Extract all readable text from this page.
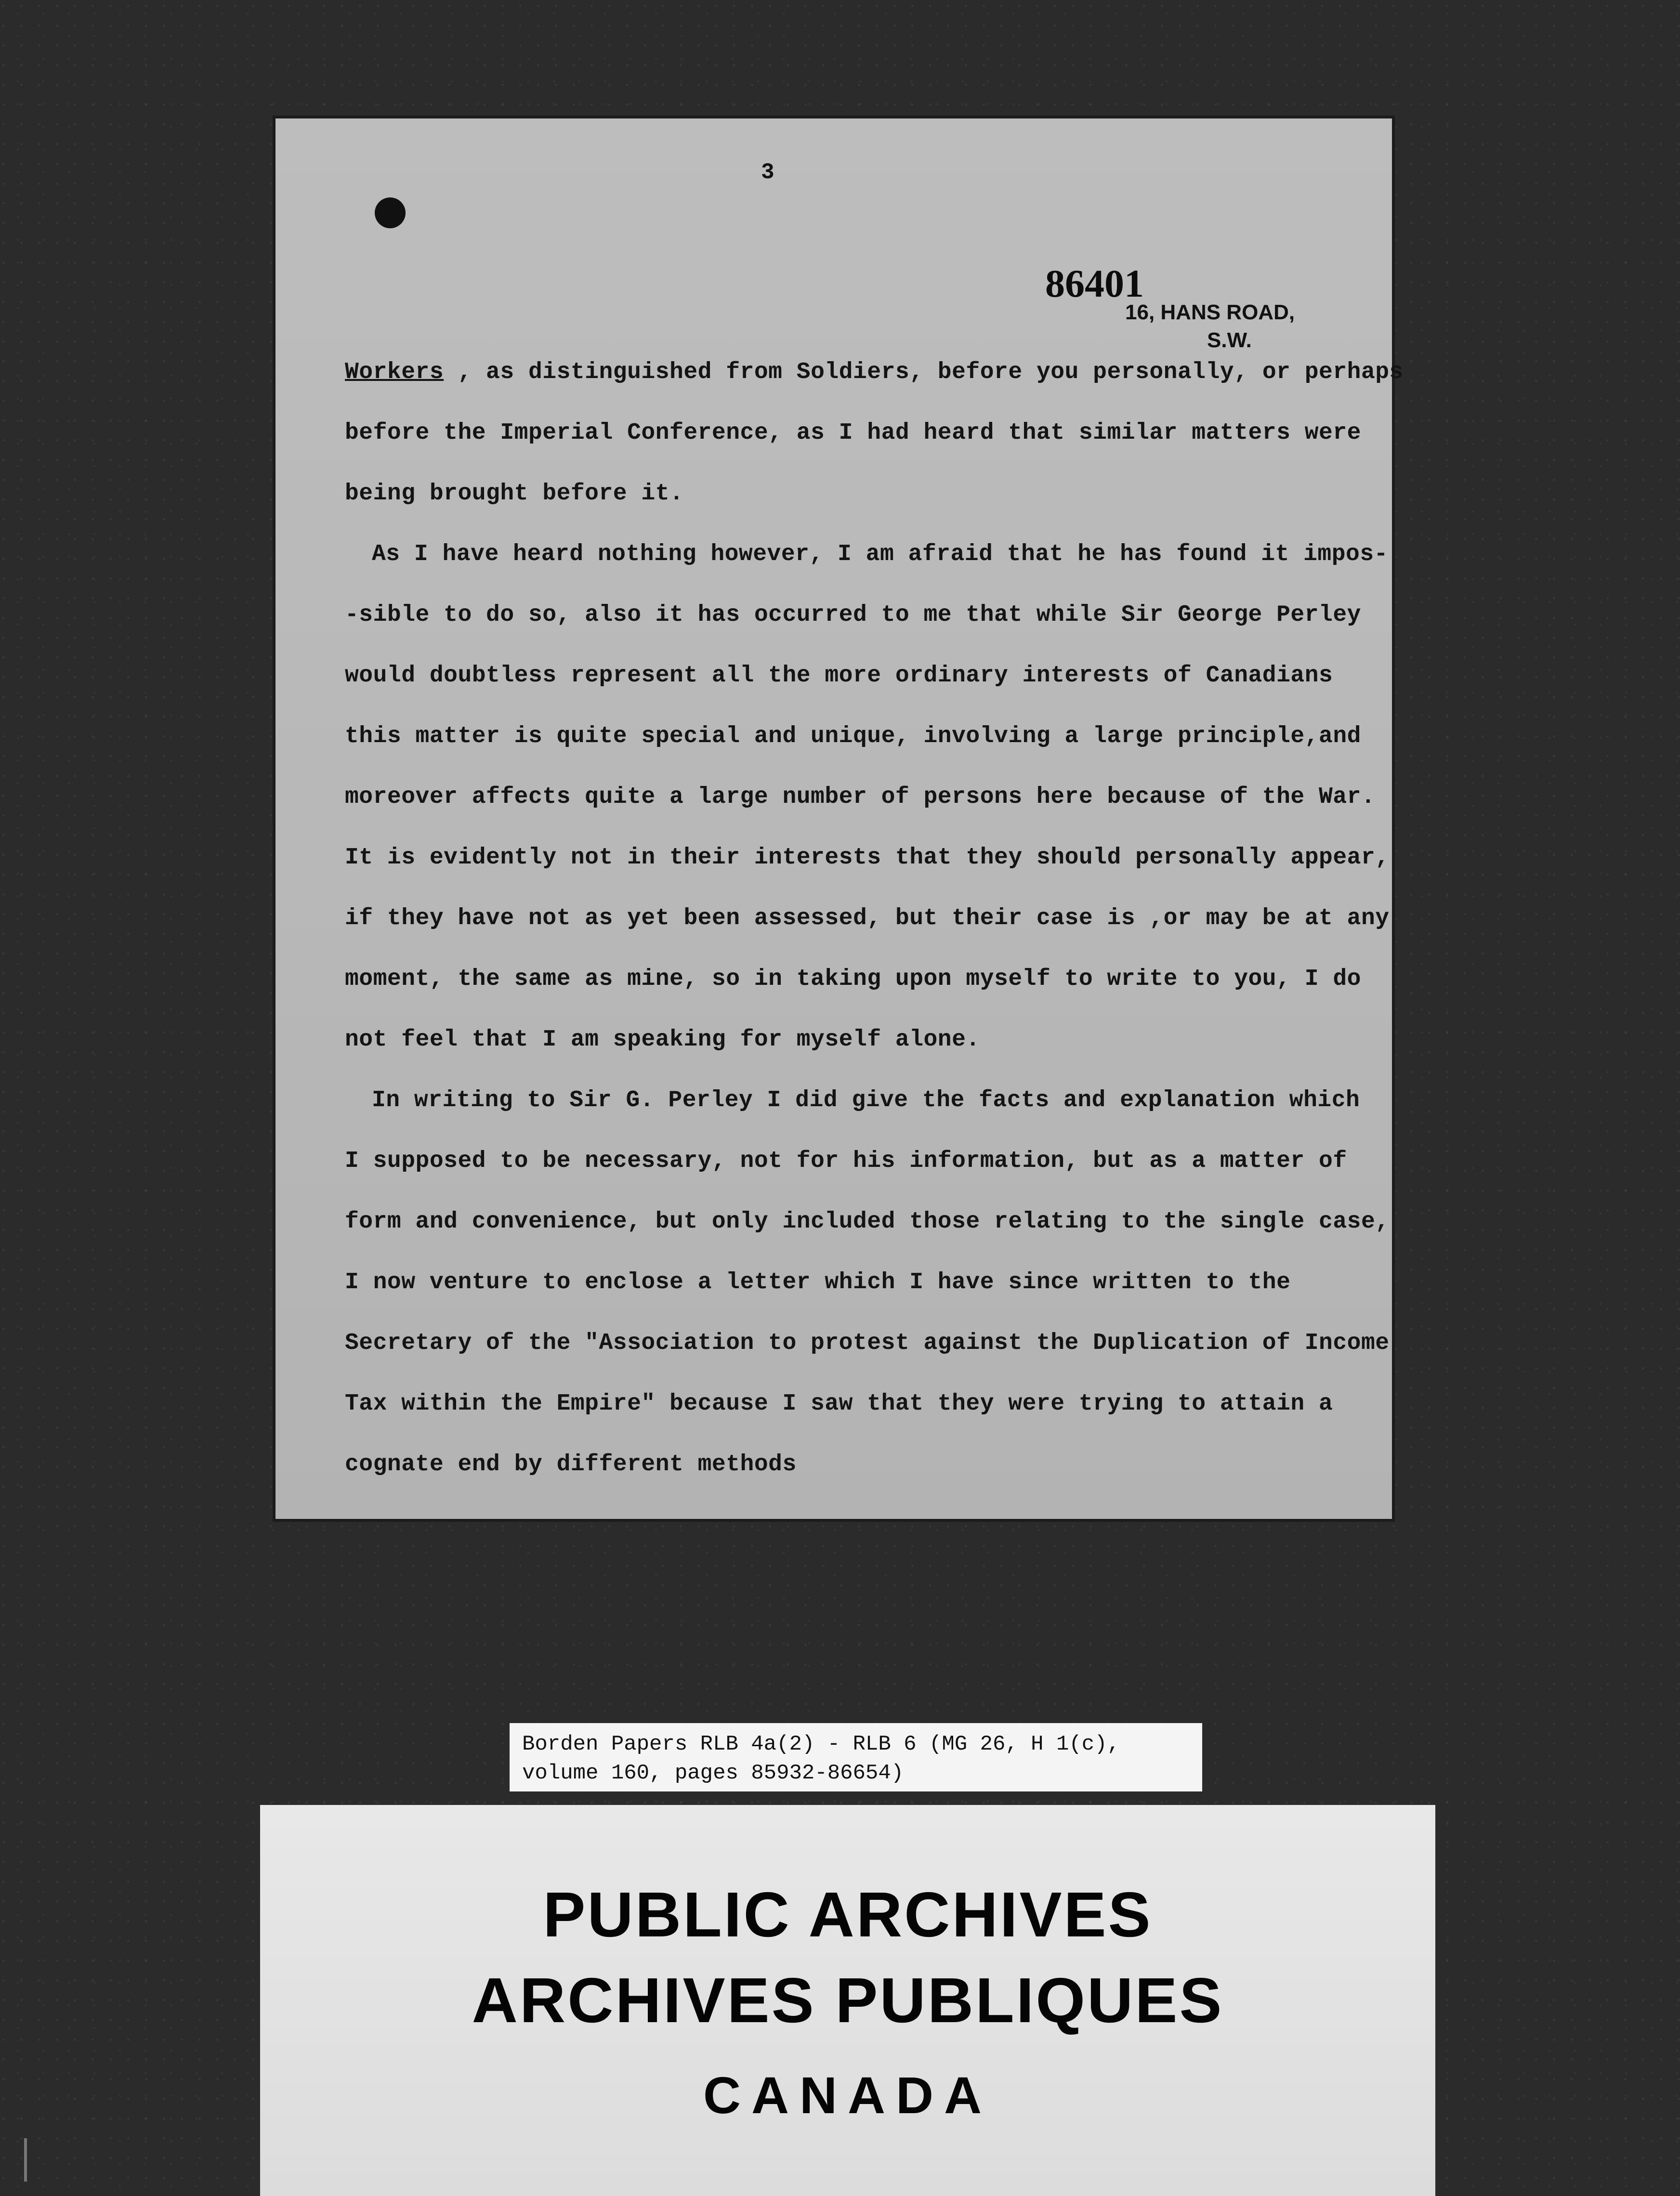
3
86401
16, HANS ROAD,
S.W.
Workers , as distinguished from Soldiers, before you personally, or perhaps
before the Imperial Conference, as I had heard that similar matters were
being brought before it.
As I have heard nothing however, I am afraid that he has found it impos-
-sible to do so, also it has occurred to me that while Sir George Perley
would doubtless represent all the more ordinary interests of Canadians
this matter is quite special and unique, involving a large principle,and
moreover affects quite a large number of persons here because of the War.
It is evidently not in their interests that they should personally appear,
if they have not as yet been assessed, but their case is ,or may be at any
moment, the same as mine, so in taking upon myself to write to you, I do
not feel that I am speaking for myself alone.
In writing to Sir G. Perley I did give the facts and explanation which
I supposed to be necessary, not for his information, but as a matter of
form and convenience, but only included those relating to the single case,
I now venture to enclose a letter which I have since written to the
Secretary of the "Association to protest against the Duplication of Income
Tax within the Empire" because I saw that they were trying to attain a
cognate end by different methods
Borden Papers RLB 4a(2) - RLB 6 (MG 26, H 1(c),
volume 160, pages 85932-86654)
PUBLIC ARCHIVES
ARCHIVES PUBLIQUES
CANADA
